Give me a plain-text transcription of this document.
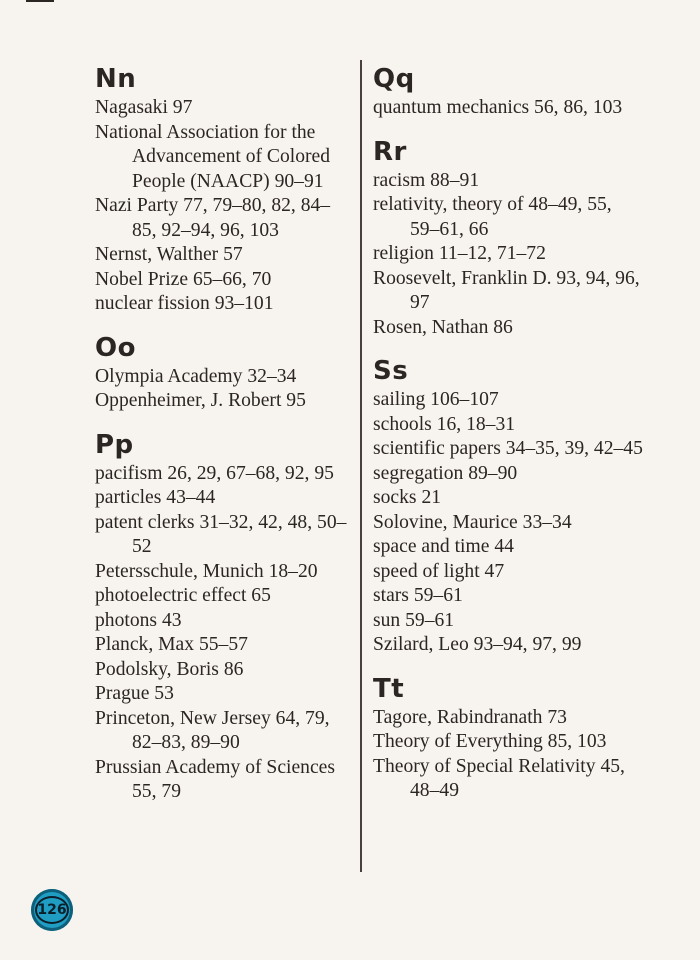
Nn

Nagasaki 97

National Association for the Advancement of Colored People (NAACP) 90–91

Nazi Party 77, 79–80, 82, 84–85, 92–94, 96, 103

Nernst, Walther 57

Nobel Prize 65–66, 70

nuclear fission 93–101

Oo

Olympia Academy 32–34

Oppenheimer, J. Robert 95

Pp

pacifism 26, 29, 67–68, 92, 95

particles 43–44

patent clerks 31–32, 42, 48, 50–52

Petersschule, Munich 18–20

photoelectric effect 65

photons 43

Planck, Max 55–57

Podolsky, Boris 86

Prague 53

Princeton, New Jersey 64, 79, 82–83, 89–90

Prussian Academy of Sciences 55, 79

Qq

quantum mechanics 56, 86, 103

Rr

racism 88–91

relativity, theory of 48–49, 55, 59–61, 66

religion 11–12, 71–72

Roosevelt, Franklin D. 93, 94, 96, 97

Rosen, Nathan 86

Ss

sailing 106–107

schools 16, 18–31

scientific papers 34–35, 39, 42–45

segregation 89–90

socks 21

Solovine, Maurice 33–34

space and time 44

speed of light 47

stars 59–61

sun 59–61

Szilard, Leo 93–94, 97, 99

Tt

Tagore, Rabindranath 73

Theory of Everything 85, 103

Theory of Special Relativity 45, 48–49

126
